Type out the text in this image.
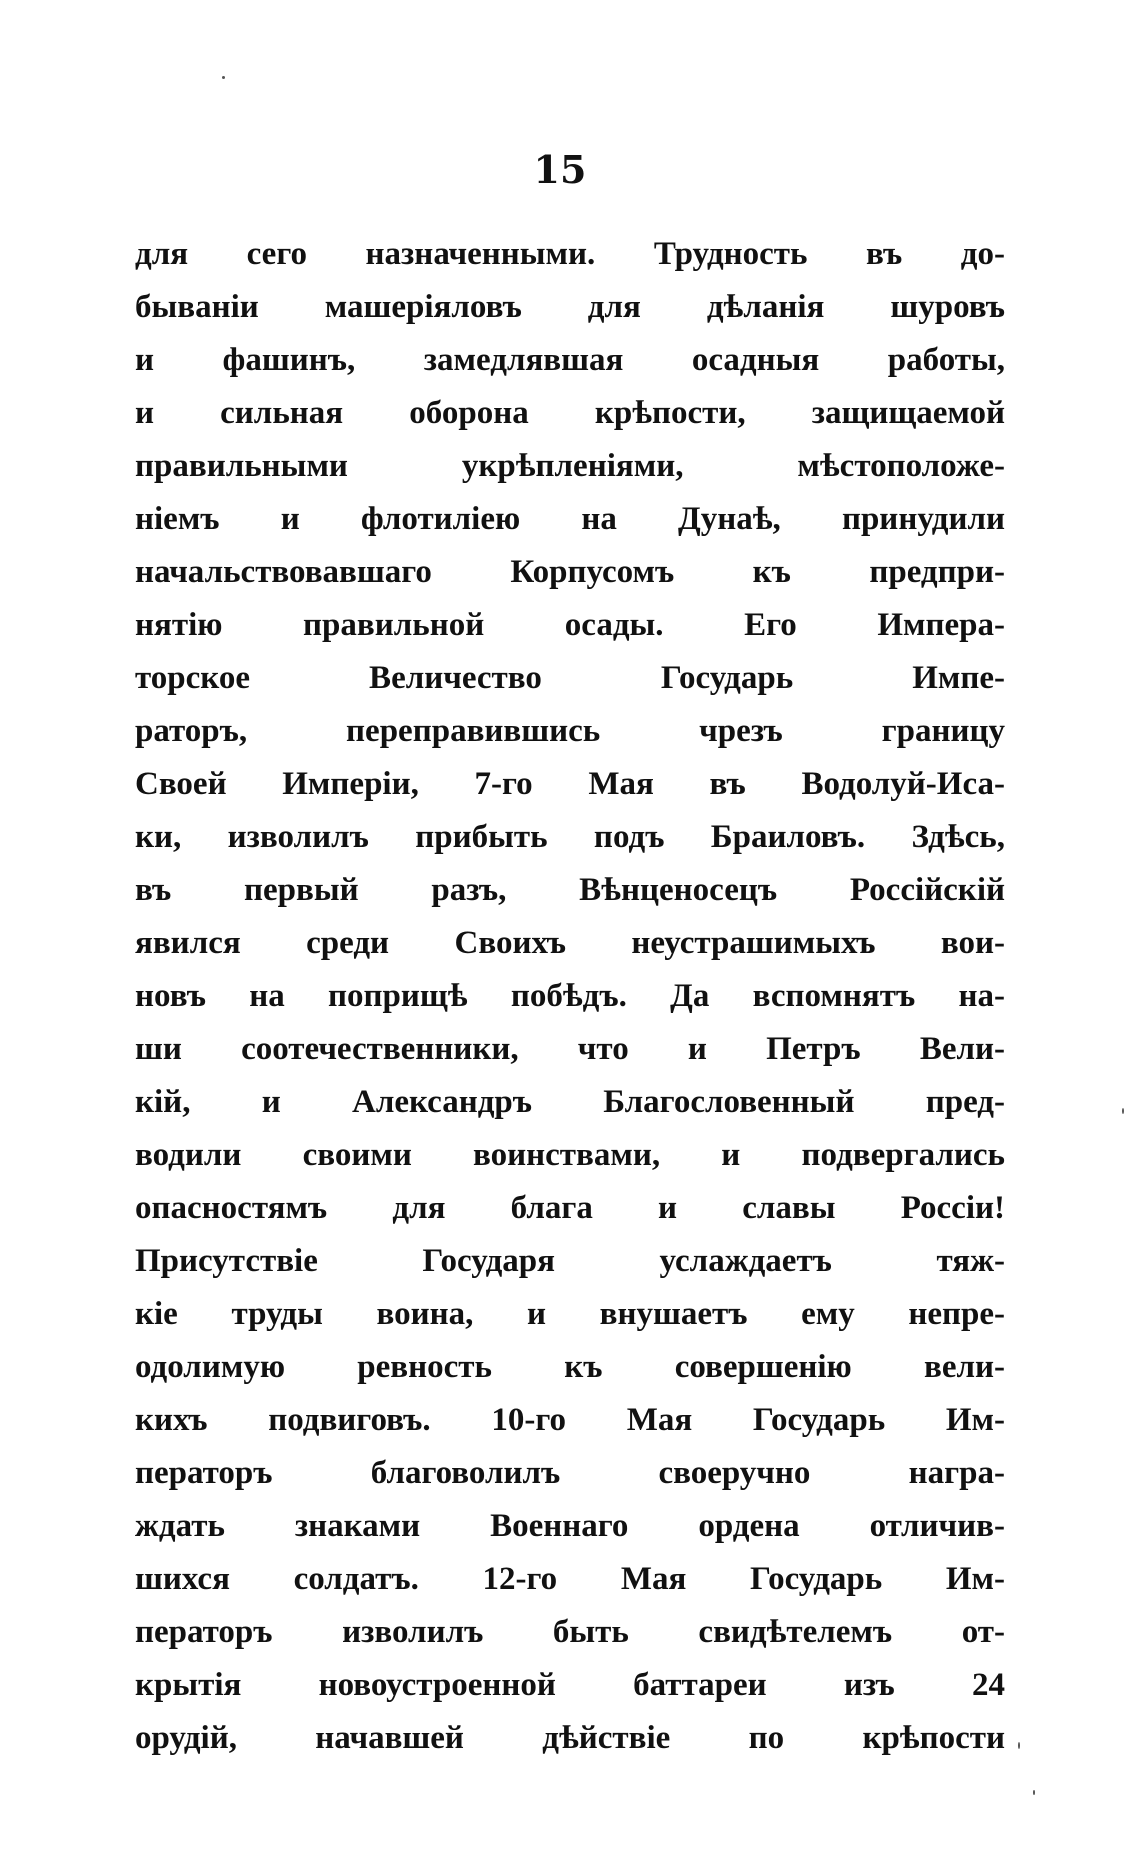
15
для сего назначенными. Трудность въ до-
бываніи машеріяловъ для дѣланія шуровъ
и фашинъ, замедлявшая осадныя работы,
и сильная оборона крѣпости, защищаемой
правильными укрѣпленіями, мѣстоположе-
ніемъ и флотиліею на Дунаѣ, принудили
начальствовавшаго Корпусомъ къ предпри-
нятію правильной осады. Его Импера-
торское Величество Государь Импе-
раторъ, переправившись чрезъ границу
Своей Имперіи, 7-го Мая въ Водолуй-Иса-
ки, изволилъ прибыть подъ Браиловъ. Здѣсь,
въ первый разъ, Вѣнценосецъ Россійскій
явился среди Своихъ неустрашимыхъ вои-
новъ на поприщѣ побѣдъ. Да вспомнятъ на-
ши соотечественники, что и Петръ Вели-
кій, и Александръ Благословенный пред-
водили своими воинствами, и подвергались
опасностямъ для блага и славы Россіи!
Присутствіе Государя услаждаетъ тяж-
кіе труды воина, и внушаетъ ему непре-
одолимую ревность къ совершенію вели-
кихъ подвиговъ. 10-го Мая Государь Им-
ператоръ благоволилъ своеручно награ-
ждать знаками Военнаго ордена отличив-
шихся солдатъ. 12-го Мая Государь Им-
ператоръ изволилъ быть свидѣтелемъ от-
крытія новоустроенной баттареи изъ 24
орудій, начавшей дѣйствіе по крѣпости
